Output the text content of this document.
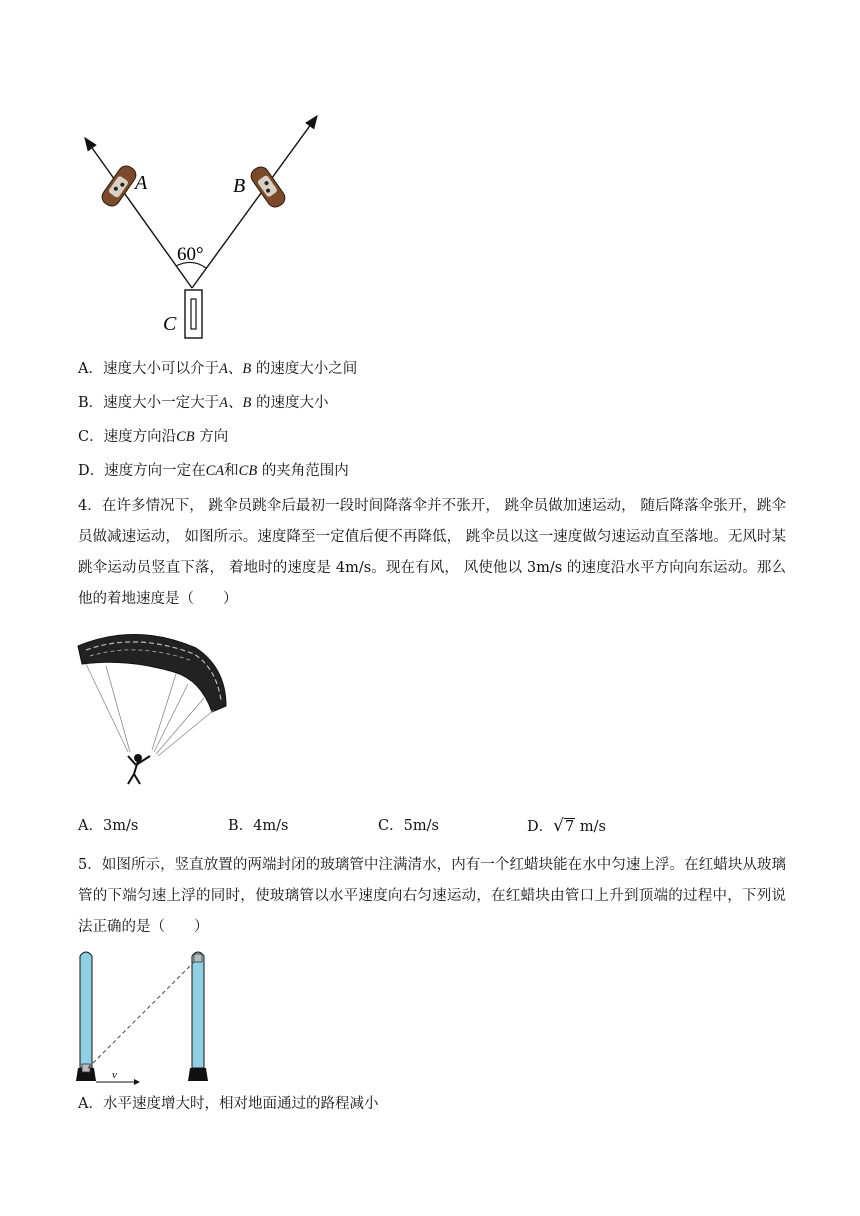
60°
A	B
C
A．速度大小可以介于A、B 的速度大小之间
B．速度大小一定大于A、B 的速度大小
C．速度方向沿CB 方向
D．速度方向一定在CA和CB 的夹角范围内
4．在许多情况下， 跳伞员跳伞后最初一段时间降落伞并不张开， 跳伞员做加速运动， 随后降落伞张开，跳伞员做减速运动， 如图所示。速度降至一定值后便不再降低， 跳伞员以这一速度做匀速运动直至落地。无风时某跳伞运动员竖直下落， 着地时的速度是 4m/s。现在有风， 风使他以 3m/s 的速度沿水平方向向东运动。那么他的着地速度是（　　）
A．3m/s	B．4m/s	C．5m/s	D．√7 m/s
5．如图所示，竖直放置的两端封闭的玻璃管中注满清水，内有一个红蜡块能在水中匀速上浮。在红蜡块从玻璃管的下端匀速上浮的同时，使玻璃管以水平速度向右匀速运动，在红蜡块由管口上升到顶端的过程中，下列说法正确的是（　　）
v
A．水平速度增大时，相对地面通过的路程减小
